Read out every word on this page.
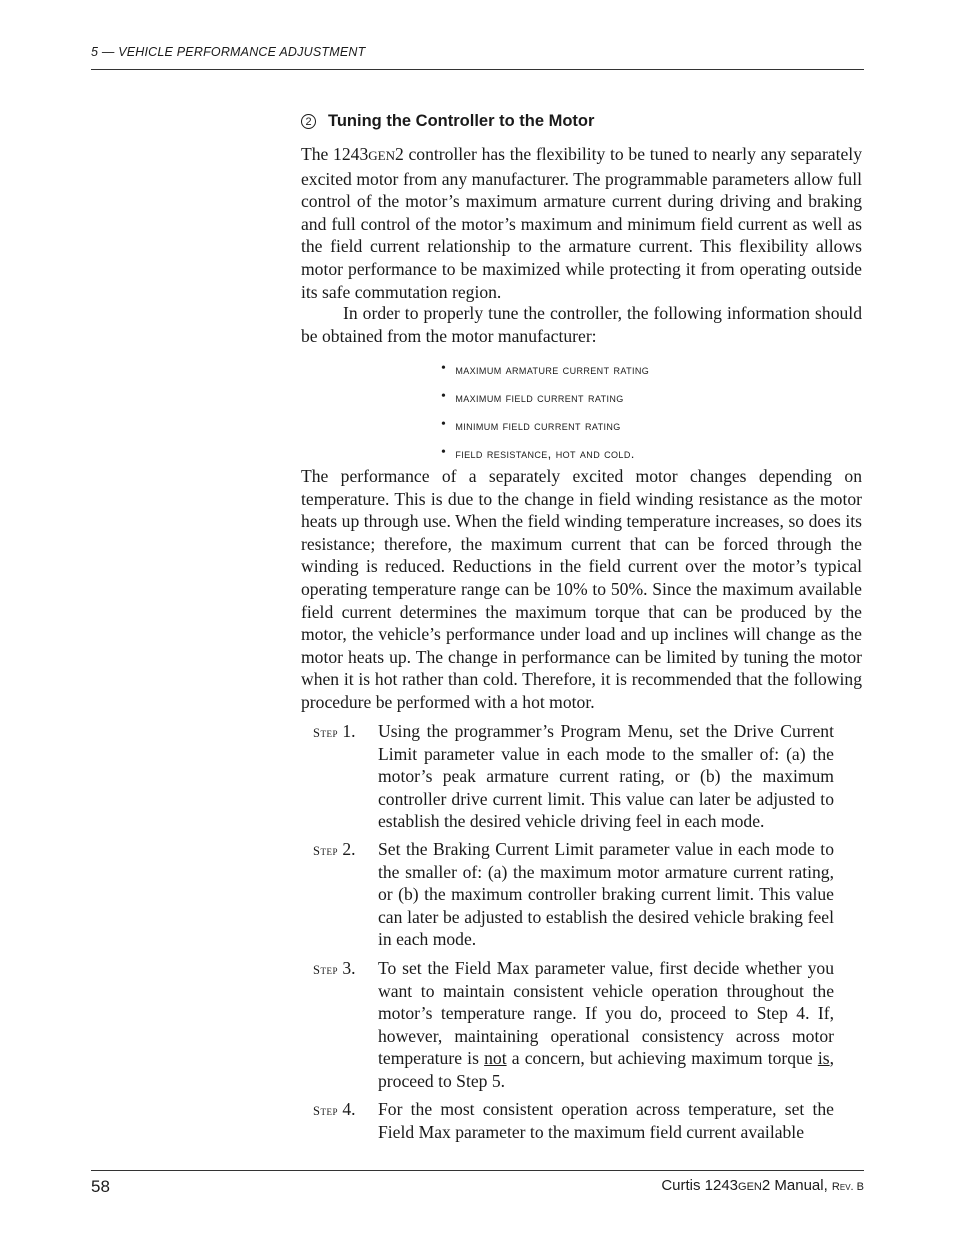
5 — VEHICLE PERFORMANCE ADJUSTMENT
2 Tuning the Controller to the Motor
The 1243GEN2 controller has the flexibility to be tuned to nearly any separately excited motor from any manufacturer. The programmable parameters allow full control of the motor’s maximum armature current during driving and braking and full control of the motor’s maximum and minimum field current as well as the field current relationship to the armature current. This flexibility allows motor performance to be maximized while protecting it from operating outside its safe commutation region.
In order to properly tune the controller, the following information should be obtained from the motor manufacturer:
• maximum armature current rating
• maximum field current rating
• minimum field current rating
• field resistance, hot and cold.
The performance of a separately excited motor changes depending on temperature. This is due to the change in field winding resistance as the motor heats up through use. When the field winding temperature increases, so does its resistance; therefore, the maximum current that can be forced through the winding is reduced. Reductions in the field current over the motor’s typical operating temperature range can be 10% to 50%. Since the maximum available field current determines the maximum torque that can be produced by the motor, the vehicle’s performance under load and up inclines will change as the motor heats up. The change in performance can be limited by tuning the motor when it is hot rather than cold. Therefore, it is recommended that the following procedure be performed with a hot motor.
Step 1.	Using the programmer’s Program Menu, set the Drive Current Limit parameter value in each mode to the smaller of: (a) the motor’s peak armature current rating, or (b) the maximum controller drive current limit. This value can later be adjusted to establish the desired vehicle driving feel in each mode.
Step 2.	Set the Braking Current Limit parameter value in each mode to the smaller of: (a) the maximum motor armature current rating, or (b) the maximum controller braking current limit. This value can later be adjusted to establish the desired vehicle braking feel in each mode.
Step 3.	To set the Field Max parameter value, first decide whether you want to maintain consistent vehicle operation throughout the motor’s temperature range. If you do, proceed to Step 4. If, however, maintaining operational consistency across motor temperature is not a concern, but achieving maximum torque is, proceed to Step 5.
Step 4.	For the most consistent operation across temperature, set the Field Max parameter to the maximum field current available
58	Curtis 1243GEN2 Manual, Rev. B
